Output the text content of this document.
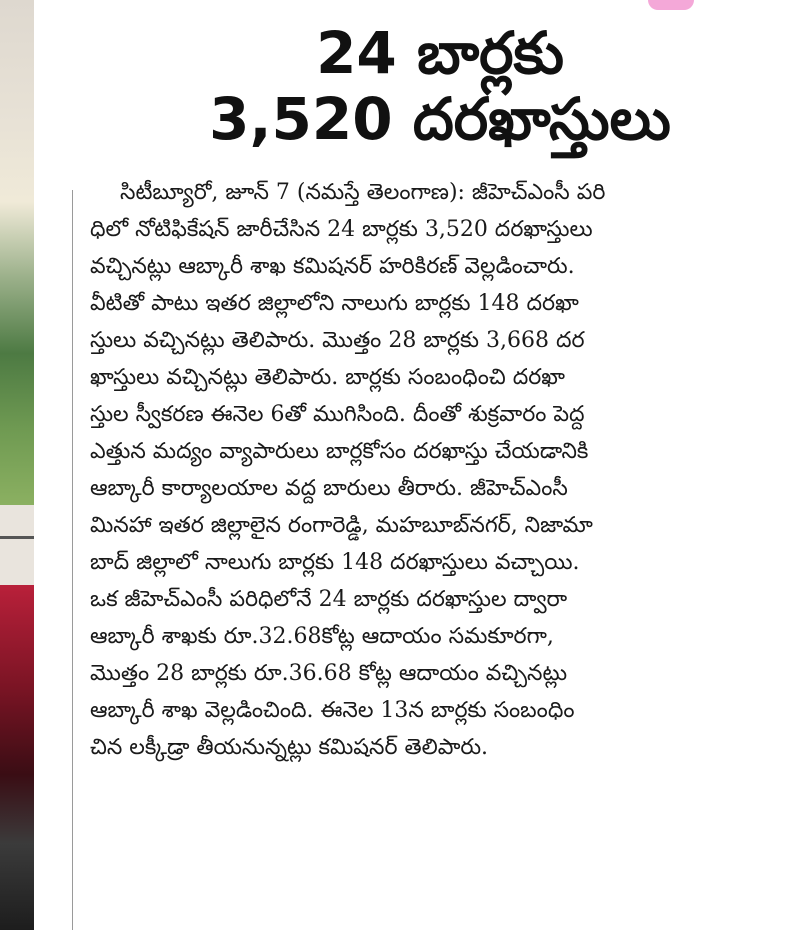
24 బార్లకు
3,520 దరఖాస్తులు

సిటీబ్యూరో, జూన్ 7 (నమస్తే తెలంగాణ): జీహెచ్ఎంసీ పరి
ధిలో నోటిఫికేషన్ జారీచేసిన 24 బార్లకు 3,520 దరఖాస్తులు
వచ్చినట్లు ఆబ్కారీ శాఖ కమిషనర్ హరికిరణ్ వెల్లడించారు.
వీటితో పాటు ఇతర జిల్లాలోని నాలుగు బార్లకు 148 దరఖా
స్తులు వచ్చినట్లు తెలిపారు. మొత్తం 28 బార్లకు 3,668 దర
ఖాస్తులు వచ్చినట్లు తెలిపారు. బార్లకు సంబంధించి దరఖా
స్తుల స్వీకరణ ఈనెల 6తో ముగిసింది. దీంతో శుక్రవారం పెద్ద
ఎత్తున మద్యం వ్యాపారులు బార్లకోసం దరఖాస్తు చేయడానికి
ఆబ్కారీ కార్యాలయాల వద్ద బారులు తీరారు. జీహెచ్ఎంసీ
మినహా ఇతర జిల్లాలైన రంగారెడ్డి, మహబూబ్‌నగర్, నిజామా
బాద్ జిల్లాలో నాలుగు బార్లకు 148 దరఖాస్తులు వచ్చాయి.
ఒక జీహెచ్ఎంసీ పరిధిలోనే 24 బార్లకు దరఖాస్తుల ద్వారా
ఆబ్కారీ శాఖకు రూ.32.68కోట్ల ఆదాయం సమకూరగా,
మొత్తం 28 బార్లకు రూ.36.68 కోట్ల ఆదాయం వచ్చినట్లు
ఆబ్కారీ శాఖ వెల్లడించింది. ఈనెల 13న బార్లకు సంబంధిం
చిన లక్కీడ్రా తీయనున్నట్లు కమిషనర్ తెలిపారు.
